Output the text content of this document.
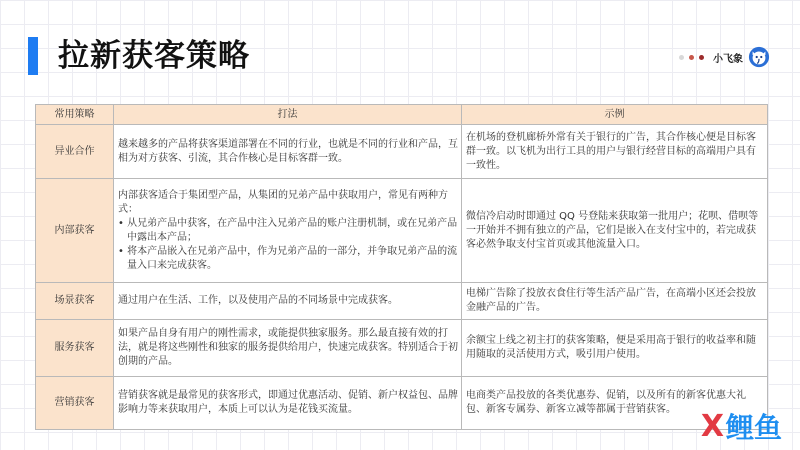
拉新获客策略	小飞象
常用策略	打法	示例
异业合作	越来越多的产品将获客渠道部署在不同的行业，也就是不同的行业和产品，互相为对方获客、引流，其合作核心是目标客群一致。	在机场的登机廊桥外常有关于银行的广告，其合作核心便是目标客群一致。以飞机为出行工具的用户与银行经营目标的高端用户具有一致性。
内部获客	内部获客适合于集团型产品，从集团的兄弟产品中获取用户，常见有两种方式：
• 从兄弟产品中获客，在产品中注入兄弟产品的账户注册机制，或在兄弟产品中露出本产品；
• 将本产品嵌入在兄弟产品中，作为兄弟产品的一部分，并争取兄弟产品的流量入口来完成获客。	微信冷启动时即通过 QQ 号登陆来获取第一批用户；花呗、借呗等一开始并不拥有独立的产品，它们是嵌入在支付宝中的，若完成获客必然争取支付宝首页或其他流量入口。
场景获客	通过用户在生活、工作，以及使用产品的不同场景中完成获客。	电梯广告除了投放衣食住行等生活产品广告，在高端小区还会投放金融产品的广告。
服务获客	如果产品自身有用户的刚性需求，或能提供独家服务。那么最直接有效的打法，就是将这些刚性和独家的服务提供给用户，快速完成获客。特别适合于初创期的产品。	余额宝上线之初主打的获客策略，便是采用高于银行的收益率和随用随取的灵活使用方式，吸引用户使用。
营销获客	营销获客就是最常见的获客形式，即通过优惠活动、促销、新户权益包、品牌影响力等来获取用户，本质上可以认为是花钱买流量。	电商类产品投放的各类优惠券、促销，以及所有的新客优惠大礼包、新客专属券、新客立减等都属于营销获客。 X 鲤鱼
